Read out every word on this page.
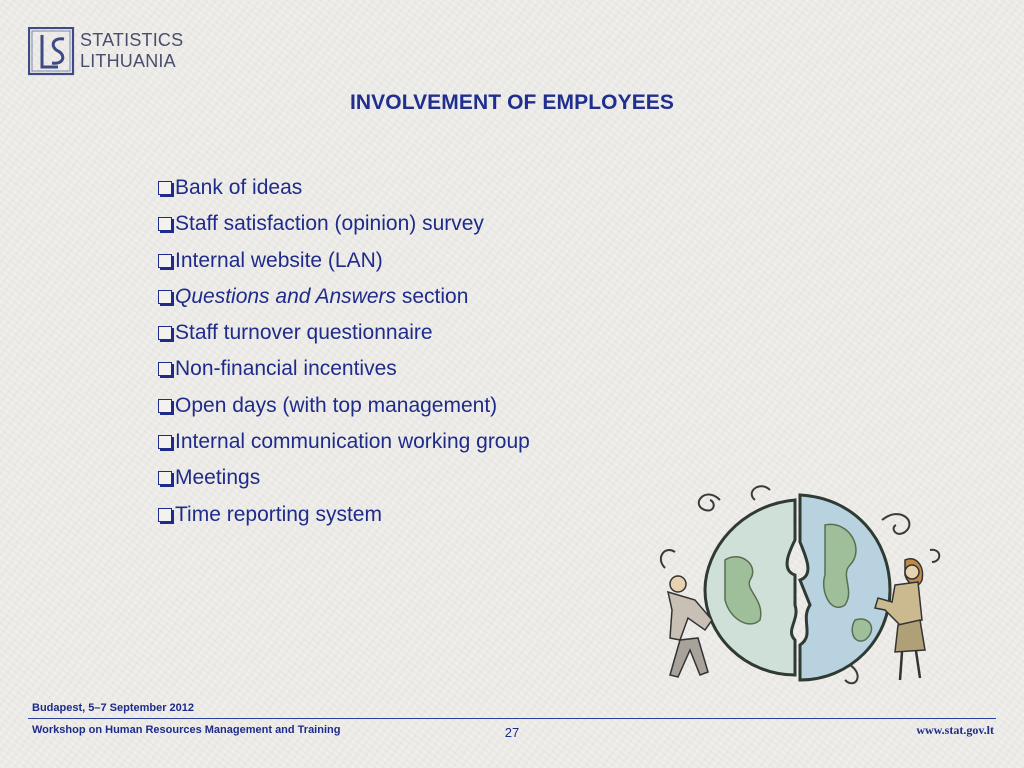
STATISTICS
LITHUANIA
INVOLVEMENT OF EMPLOYEES
Bank of ideas
Staff satisfaction (opinion) survey
Internal website (LAN)
Questions and Answers section
Staff turnover questionnaire
Non-financial incentives
Open days (with top management)
Internal communication working group
Meetings
Time reporting system
Budapest, 5–7 September 2012
Workshop on Human Resources Management and Training	27	www.stat.gov.lt
